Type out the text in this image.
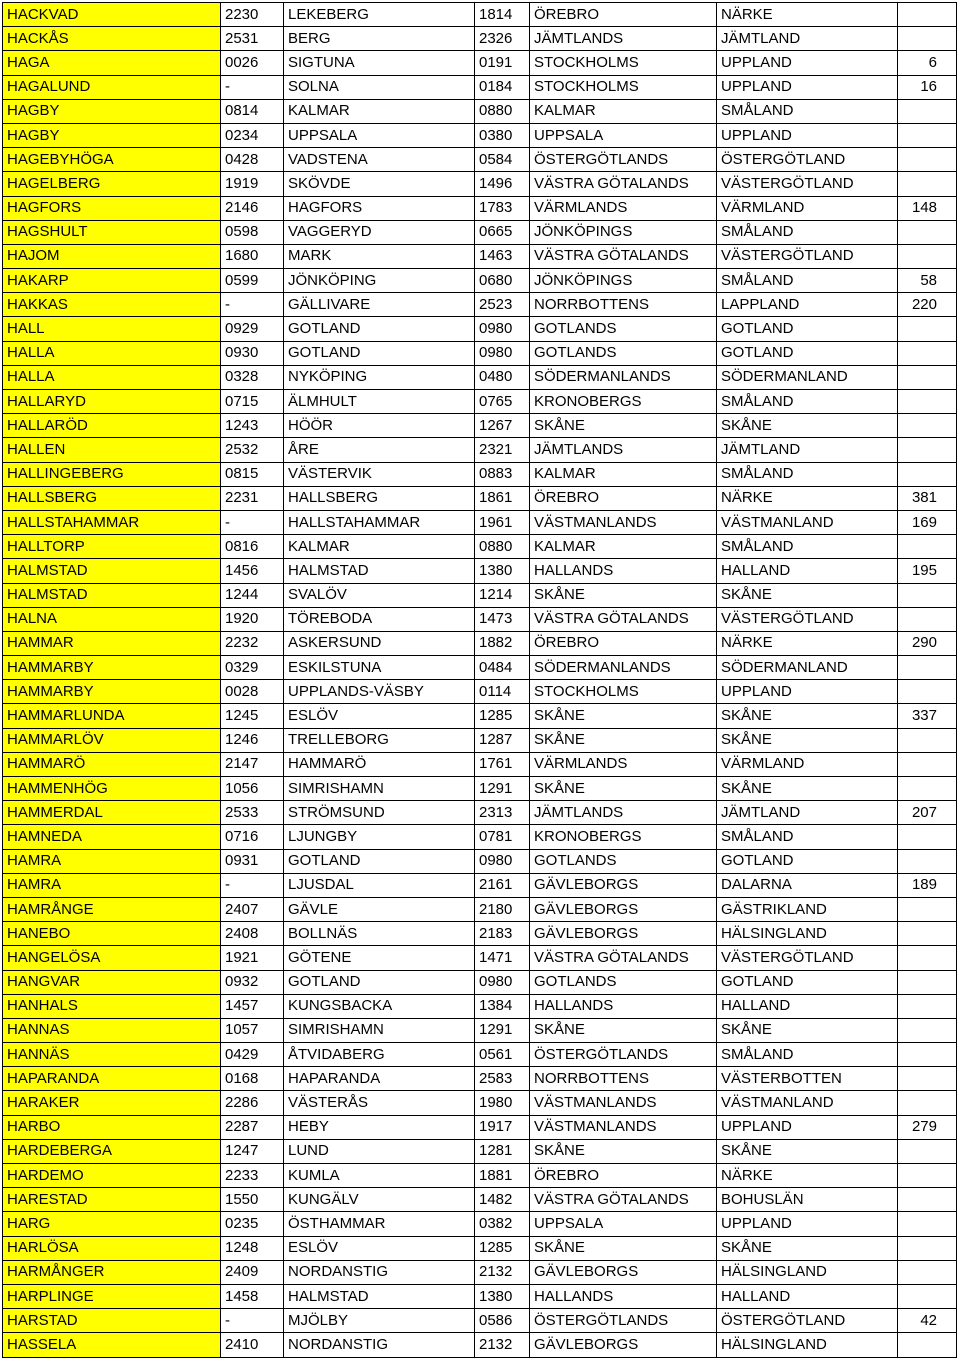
HACKVAD	2230	LEKEBERG	1814	ÖREBRO	NÄRKE	
HACKÅS	2531	BERG	2326	JÄMTLANDS	JÄMTLAND	
HAGA	0026	SIGTUNA	0191	STOCKHOLMS	UPPLAND	6
HAGALUND	-	SOLNA	0184	STOCKHOLMS	UPPLAND	16
HAGBY	0814	KALMAR	0880	KALMAR	SMÅLAND	
HAGBY	0234	UPPSALA	0380	UPPSALA	UPPLAND	
HAGEBYHÖGA	0428	VADSTENA	0584	ÖSTERGÖTLANDS	ÖSTERGÖTLAND	
HAGELBERG	1919	SKÖVDE	1496	VÄSTRA GÖTALANDS	VÄSTERGÖTLAND	
HAGFORS	2146	HAGFORS	1783	VÄRMLANDS	VÄRMLAND	148
HAGSHULT	0598	VAGGERYD	0665	JÖNKÖPINGS	SMÅLAND	
HAJOM	1680	MARK	1463	VÄSTRA GÖTALANDS	VÄSTERGÖTLAND	
HAKARP	0599	JÖNKÖPING	0680	JÖNKÖPINGS	SMÅLAND	58
HAKKAS	-	GÄLLIVARE	2523	NORRBOTTENS	LAPPLAND	220
HALL	0929	GOTLAND	0980	GOTLANDS	GOTLAND	
HALLA	0930	GOTLAND	0980	GOTLANDS	GOTLAND	
HALLA	0328	NYKÖPING	0480	SÖDERMANLANDS	SÖDERMANLAND	
HALLARYD	0715	ÄLMHULT	0765	KRONOBERGS	SMÅLAND	
HALLARÖD	1243	HÖÖR	1267	SKÅNE	SKÅNE	
HALLEN	2532	ÅRE	2321	JÄMTLANDS	JÄMTLAND	
HALLINGEBERG	0815	VÄSTERVIK	0883	KALMAR	SMÅLAND	
HALLSBERG	2231	HALLSBERG	1861	ÖREBRO	NÄRKE	381
HALLSTAHAMMAR	-	HALLSTAHAMMAR	1961	VÄSTMANLANDS	VÄSTMANLAND	169
HALLTORP	0816	KALMAR	0880	KALMAR	SMÅLAND	
HALMSTAD	1456	HALMSTAD	1380	HALLANDS	HALLAND	195
HALMSTAD	1244	SVALÖV	1214	SKÅNE	SKÅNE	
HALNA	1920	TÖREBODA	1473	VÄSTRA GÖTALANDS	VÄSTERGÖTLAND	
HAMMAR	2232	ASKERSUND	1882	ÖREBRO	NÄRKE	290
HAMMARBY	0329	ESKILSTUNA	0484	SÖDERMANLANDS	SÖDERMANLAND	
HAMMARBY	0028	UPPLANDS-VÄSBY	0114	STOCKHOLMS	UPPLAND	
HAMMARLUNDA	1245	ESLÖV	1285	SKÅNE	SKÅNE	337
HAMMARLÖV	1246	TRELLEBORG	1287	SKÅNE	SKÅNE	
HAMMARÖ	2147	HAMMARÖ	1761	VÄRMLANDS	VÄRMLAND	
HAMMENHÖG	1056	SIMRISHAMN	1291	SKÅNE	SKÅNE	
HAMMERDAL	2533	STRÖMSUND	2313	JÄMTLANDS	JÄMTLAND	207
HAMNEDA	0716	LJUNGBY	0781	KRONOBERGS	SMÅLAND	
HAMRA	0931	GOTLAND	0980	GOTLANDS	GOTLAND	
HAMRA	-	LJUSDAL	2161	GÄVLEBORGS	DALARNA	189
HAMRÅNGE	2407	GÄVLE	2180	GÄVLEBORGS	GÄSTRIKLAND	
HANEBO	2408	BOLLNÄS	2183	GÄVLEBORGS	HÄLSINGLAND	
HANGELÖSA	1921	GÖTENE	1471	VÄSTRA GÖTALANDS	VÄSTERGÖTLAND	
HANGVAR	0932	GOTLAND	0980	GOTLANDS	GOTLAND	
HANHALS	1457	KUNGSBACKA	1384	HALLANDS	HALLAND	
HANNAS	1057	SIMRISHAMN	1291	SKÅNE	SKÅNE	
HANNÄS	0429	ÅTVIDABERG	0561	ÖSTERGÖTLANDS	SMÅLAND	
HAPARANDA	0168	HAPARANDA	2583	NORRBOTTENS	VÄSTERBOTTEN	
HARAKER	2286	VÄSTERÅS	1980	VÄSTMANLANDS	VÄSTMANLAND	
HARBO	2287	HEBY	1917	VÄSTMANLANDS	UPPLAND	279
HARDEBERGA	1247	LUND	1281	SKÅNE	SKÅNE	
HARDEMO	2233	KUMLA	1881	ÖREBRO	NÄRKE	
HARESTAD	1550	KUNGÄLV	1482	VÄSTRA GÖTALANDS	BOHUSLÄN	
HARG	0235	ÖSTHAMMAR	0382	UPPSALA	UPPLAND	
HARLÖSA	1248	ESLÖV	1285	SKÅNE	SKÅNE	
HARMÅNGER	2409	NORDANSTIG	2132	GÄVLEBORGS	HÄLSINGLAND	
HARPLINGE	1458	HALMSTAD	1380	HALLANDS	HALLAND	
HARSTAD	-	MJÖLBY	0586	ÖSTERGÖTLANDS	ÖSTERGÖTLAND	42
HASSELA	2410	NORDANSTIG	2132	GÄVLEBORGS	HÄLSINGLAND	
